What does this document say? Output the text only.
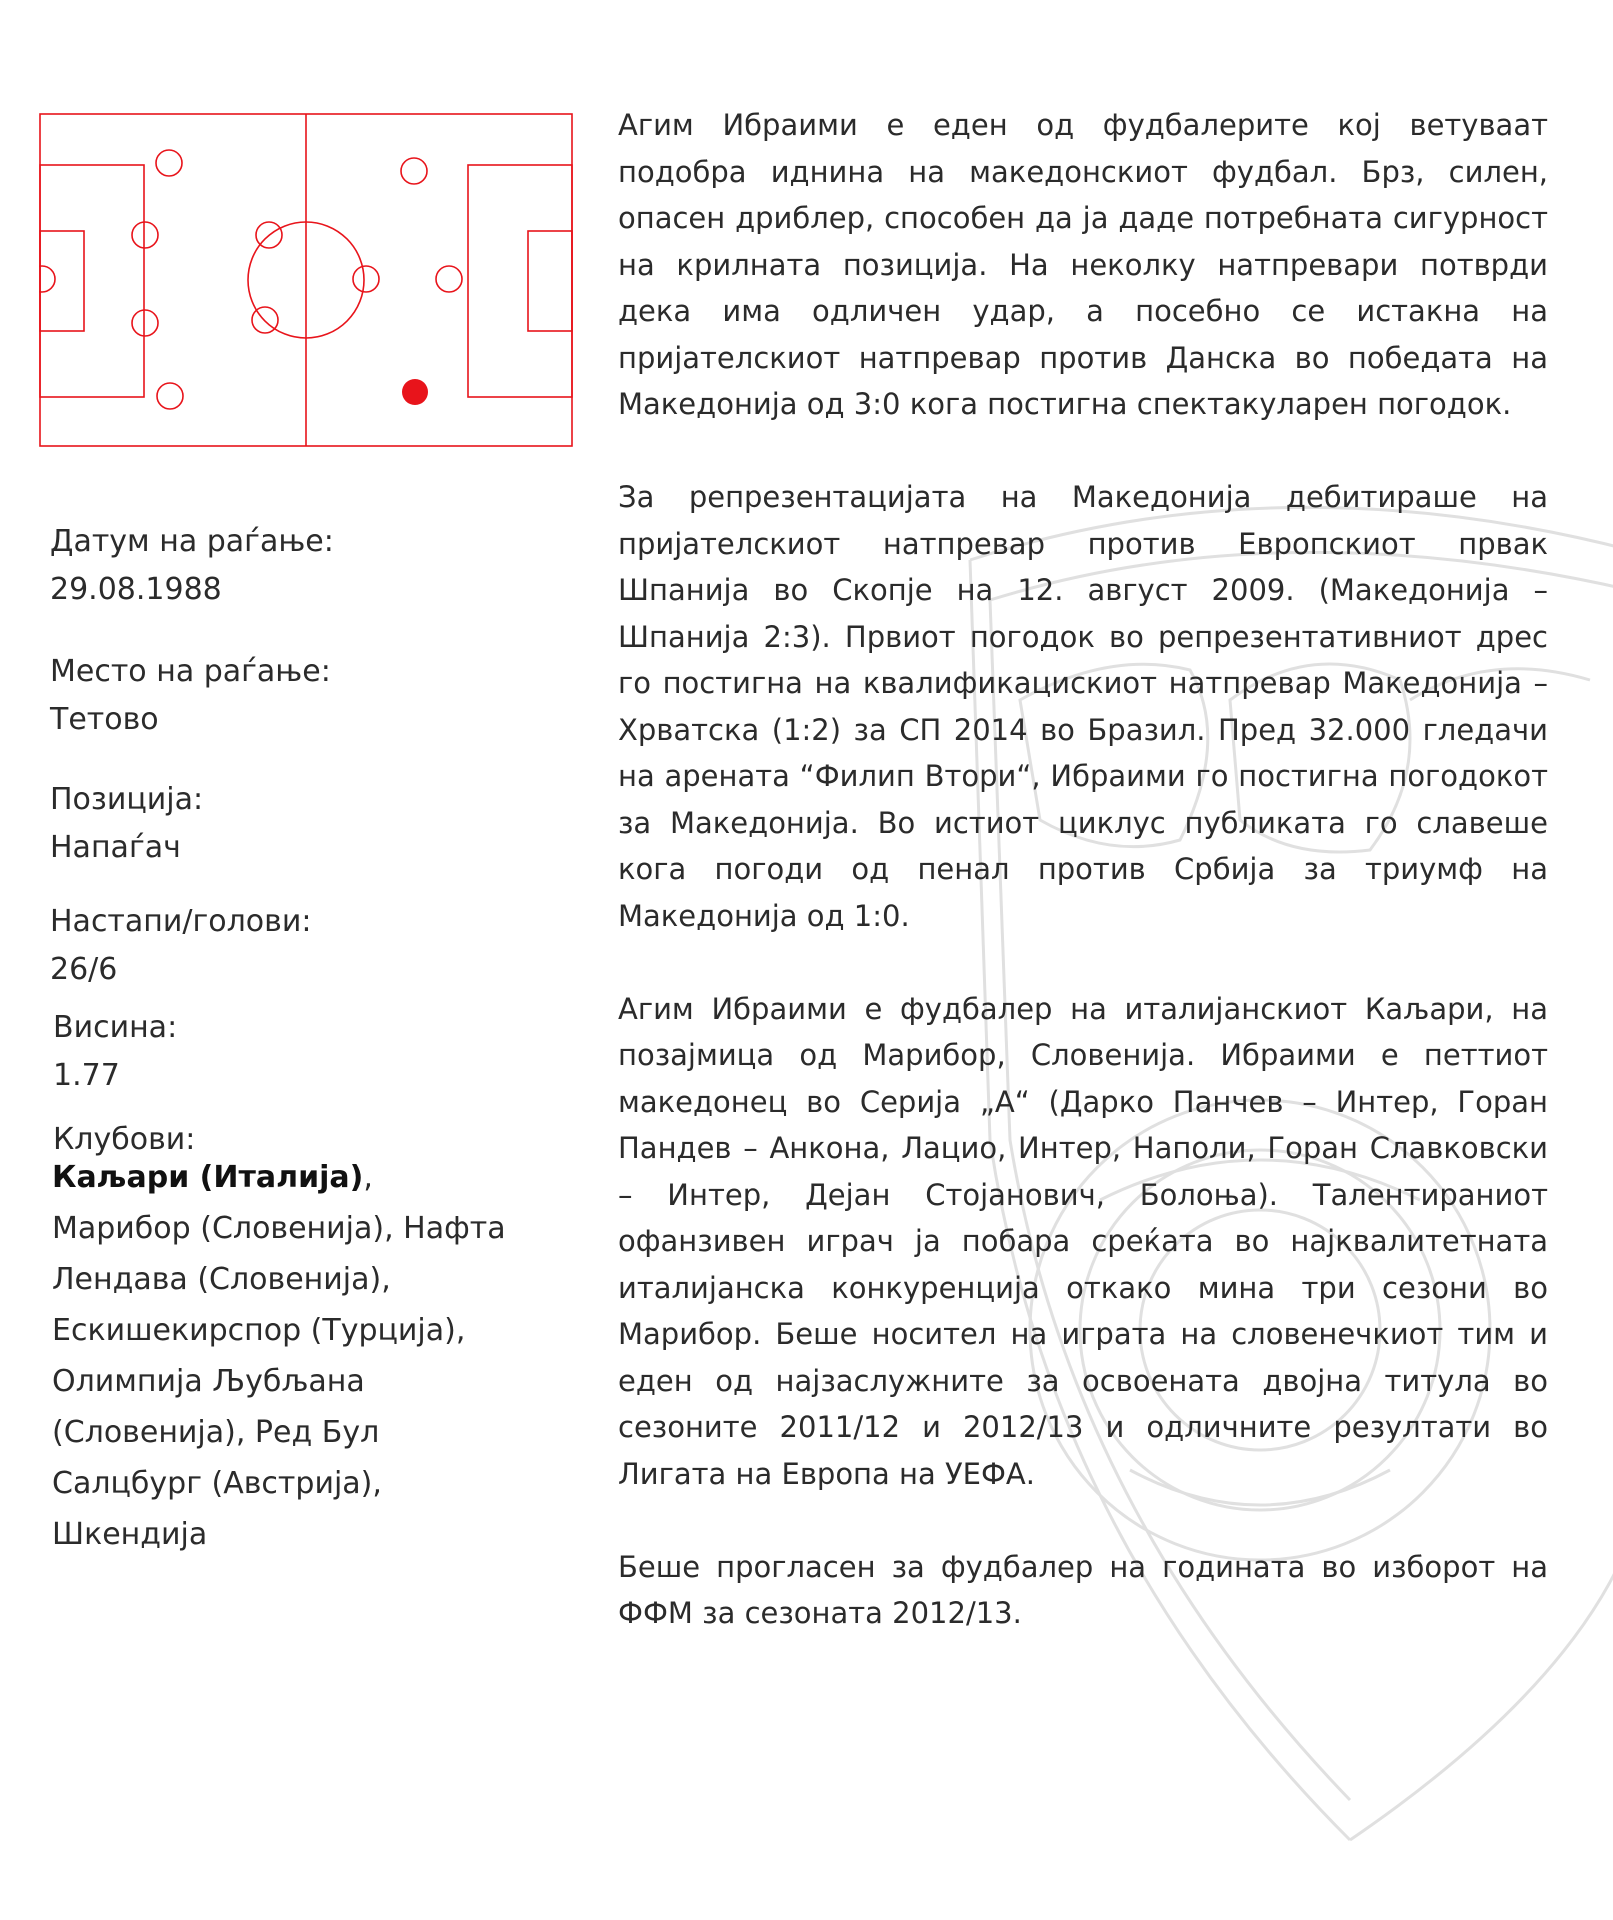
Датум на раѓање:
29.08.1988
Место на раѓање:
Тетово
Позиција:
Напаѓач
Настапи/голови:
26/6
Висина:
1.77
Клубови:
Каљари (Италија), Марибор (Словенија), Нафта Лендава (Словенија), Ескишекирспор (Турција), Олимпија Љубљана (Словенија), Ред Бул Салцбург (Австрија), Шкендија

Агим Ибраими е еден од фудбалерите кој ветуваат подобра иднина на македонскиот фудбал. Брз, силен, опасен дриблер, способен да ја даде потребната сигурност на крилната позиција. На неколку натпревари потврди дека има одличен удар, а посебно се истакна на пријателскиот натпревар против Данска во победата на Македонија од 3:0 кога постигна спектакуларен погодок.

За репрезентацијата на Македонија дебитираше на пријателскиот натпревар против Европскиот првак Шпанија во Скопје на 12. август 2009. (Македонија – Шпанија 2:3). Првиот погодок во репрезентативниот дрес го постигна на квалификацискиот натпревар Македонија – Хрватска (1:2) за СП 2014 во Бразил. Пред 32.000 гледачи на арената “Филип Втори“, Ибраими го постигна погодокот за Македонија. Во истиот циклус публиката го славеше кога погоди од пенал против Србија за триумф на Македонија од 1:0.

Агим Ибраими е фудбалер на италијанскиот Каљари, на позајмица од Марибор, Словенија. Ибраими е петтиот македонец во Серија „А“ (Дарко Панчев – Интер, Горан Пандев – Анкона, Лацио, Интер, Наполи, Горан Славковски – Интер, Дејан Стојанович, Болоња). Талентираниот офанзивен играч ја побара среќата во најквалитетната италијанска конкуренција откако мина три сезони во Марибор. Беше носител на играта на словенечкиот тим и еден од најзаслужните за освоената двојна титула во сезоните 2011/12 и 2012/13 и одличните резултати во Лигата на Европа на УЕФА.

Беше прогласен за фудбалер на годината во изборот на ФФМ за сезоната 2012/13.
